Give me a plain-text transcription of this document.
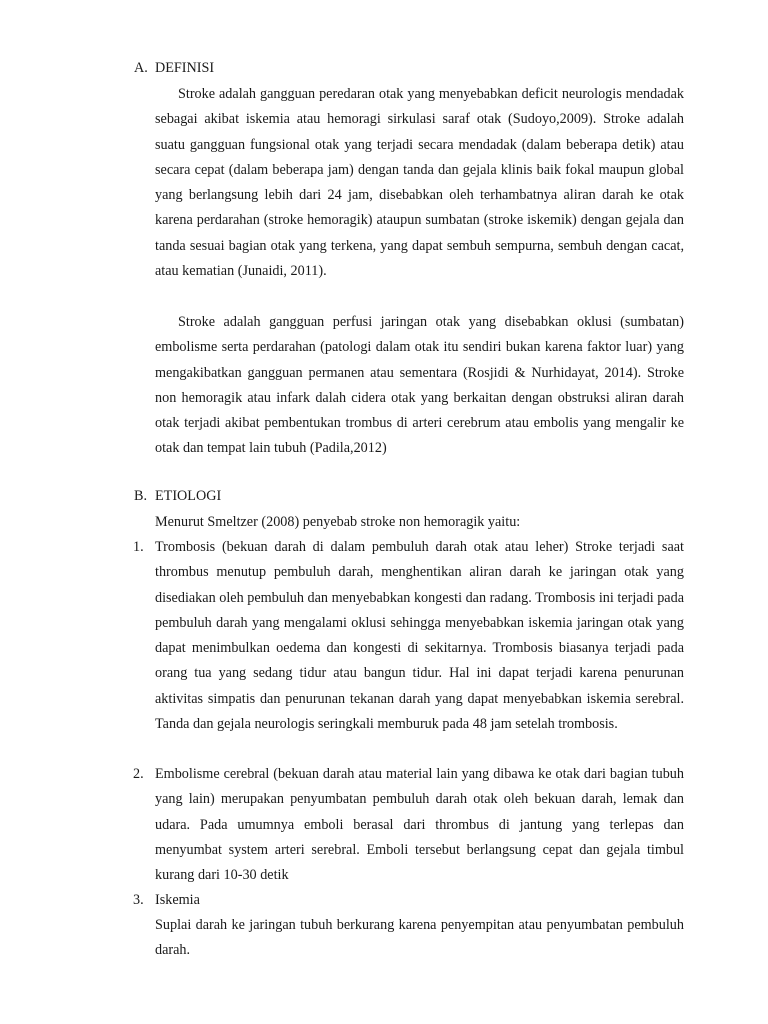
A. DEFINISI

Stroke adalah gangguan peredaran otak yang menyebabkan deficit neurologis mendadak sebagai akibat iskemia atau hemoragi sirkulasi saraf otak (Sudoyo,2009). Stroke adalah suatu gangguan fungsional otak yang terjadi secara mendadak (dalam beberapa detik) atau secara cepat (dalam beberapa jam) dengan tanda dan gejala klinis baik fokal maupun global yang berlangsung lebih dari 24 jam, disebabkan oleh terhambatnya aliran darah ke otak karena perdarahan (stroke hemoragik) ataupun sumbatan (stroke iskemik) dengan gejala dan tanda sesuai bagian otak yang terkena, yang dapat sembuh sempurna, sembuh dengan cacat, atau kematian (Junaidi, 2011).

Stroke adalah gangguan perfusi jaringan otak yang disebabkan oklusi (sumbatan) embolisme serta perdarahan (patologi dalam otak itu sendiri bukan karena faktor luar) yang mengakibatkan gangguan permanen atau sementara (Rosjidi & Nurhidayat, 2014). Stroke non hemoragik atau infark dalah cidera otak yang berkaitan dengan obstruksi aliran darah otak terjadi akibat pembentukan trombus di arteri cerebrum atau embolis yang mengalir ke otak dan tempat lain tubuh (Padila,2012)

B. ETIOLOGI

Menurut Smeltzer (2008) penyebab stroke non hemoragik yaitu:

1. Trombosis (bekuan darah di dalam pembuluh darah otak atau leher) Stroke terjadi saat thrombus menutup pembuluh darah, menghentikan aliran darah ke jaringan otak yang disediakan oleh pembuluh dan menyebabkan kongesti dan radang. Trombosis ini terjadi pada pembuluh darah yang mengalami oklusi sehingga menyebabkan iskemia jaringan otak yang dapat menimbulkan oedema dan kongesti di sekitarnya. Trombosis biasanya terjadi pada orang tua yang sedang tidur atau bangun tidur. Hal ini dapat terjadi karena penurunan aktivitas simpatis dan penurunan tekanan darah yang dapat menyebabkan iskemia serebral. Tanda dan gejala neurologis seringkali memburuk pada 48 jam setelah trombosis.

2. Embolisme cerebral (bekuan darah atau material lain yang dibawa ke otak dari bagian tubuh yang lain) merupakan penyumbatan pembuluh darah otak oleh bekuan darah, lemak dan udara. Pada umumnya emboli berasal dari thrombus di jantung yang terlepas dan menyumbat system arteri serebral. Emboli tersebut berlangsung cepat dan gejala timbul kurang dari 10-30 detik

3. Iskemia

Suplai darah ke jaringan tubuh berkurang karena penyempitan atau penyumbatan pembuluh darah.
